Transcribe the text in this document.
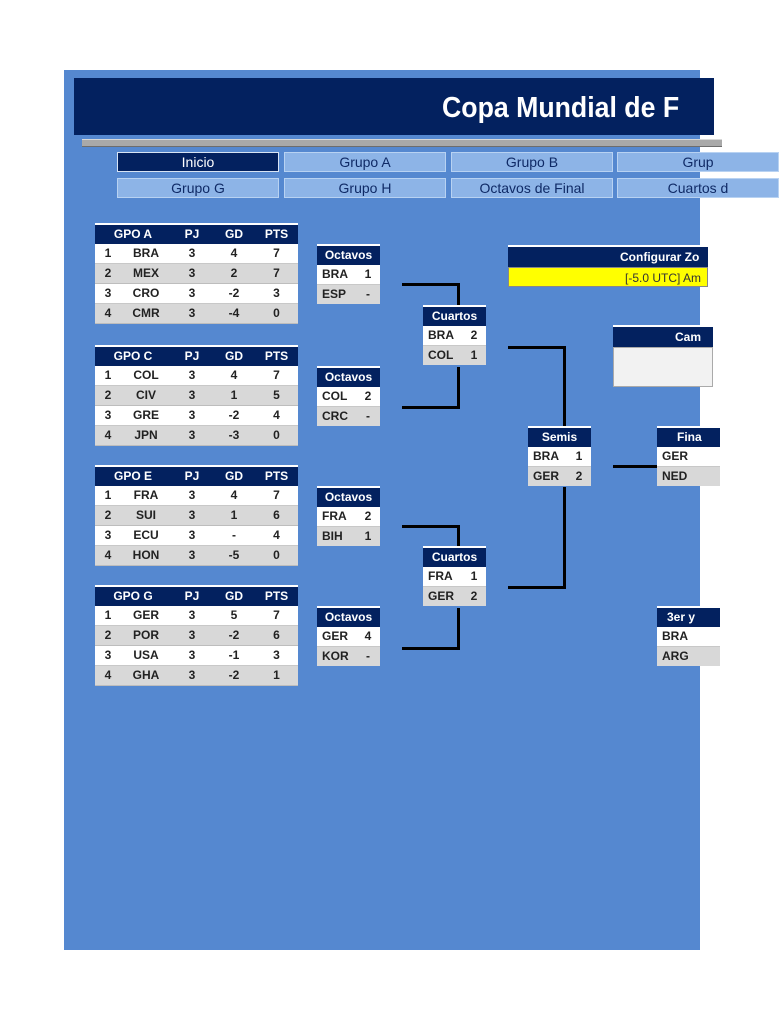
Copa Mundial de F
Inicio	Grupo A	Grupo B	Grup
Grupo G	Grupo H	Octavos de Final	Cuartos d
GPO A		PJ	GD	PTS
1	BRA	3	4	7
2	MEX	3	2	7
3	CRO	3	-2	3
4	CMR	3	-4	0
GPO C		PJ	GD	PTS
1	COL	3	4	7
2	CIV	3	1	5
3	GRE	3	-2	4
4	JPN	3	-3	0
GPO E		PJ	GD	PTS
1	FRA	3	4	7
2	SUI	3	1	6
3	ECU	3	-	4
4	HON	3	-5	0
GPO G		PJ	GD	PTS
1	GER	3	5	7
2	POR	3	-2	6
3	USA	3	-1	3
4	GHA	3	-2	1
Octavos
BRA 1
ESP	-
Octavos
COL 2
CRC	-
Octavos
FRA 2
BIH 1
Octavos
GER 4
KOR	-
Cuartos
BRA 2
COL 1
Cuartos
FRA 1
GER 2
Semis
BRA 1
GER 2
Fina
GER
NED
3er y
BRA
ARG
Configurar Zo
[-5.0 UTC] Am
Cam
